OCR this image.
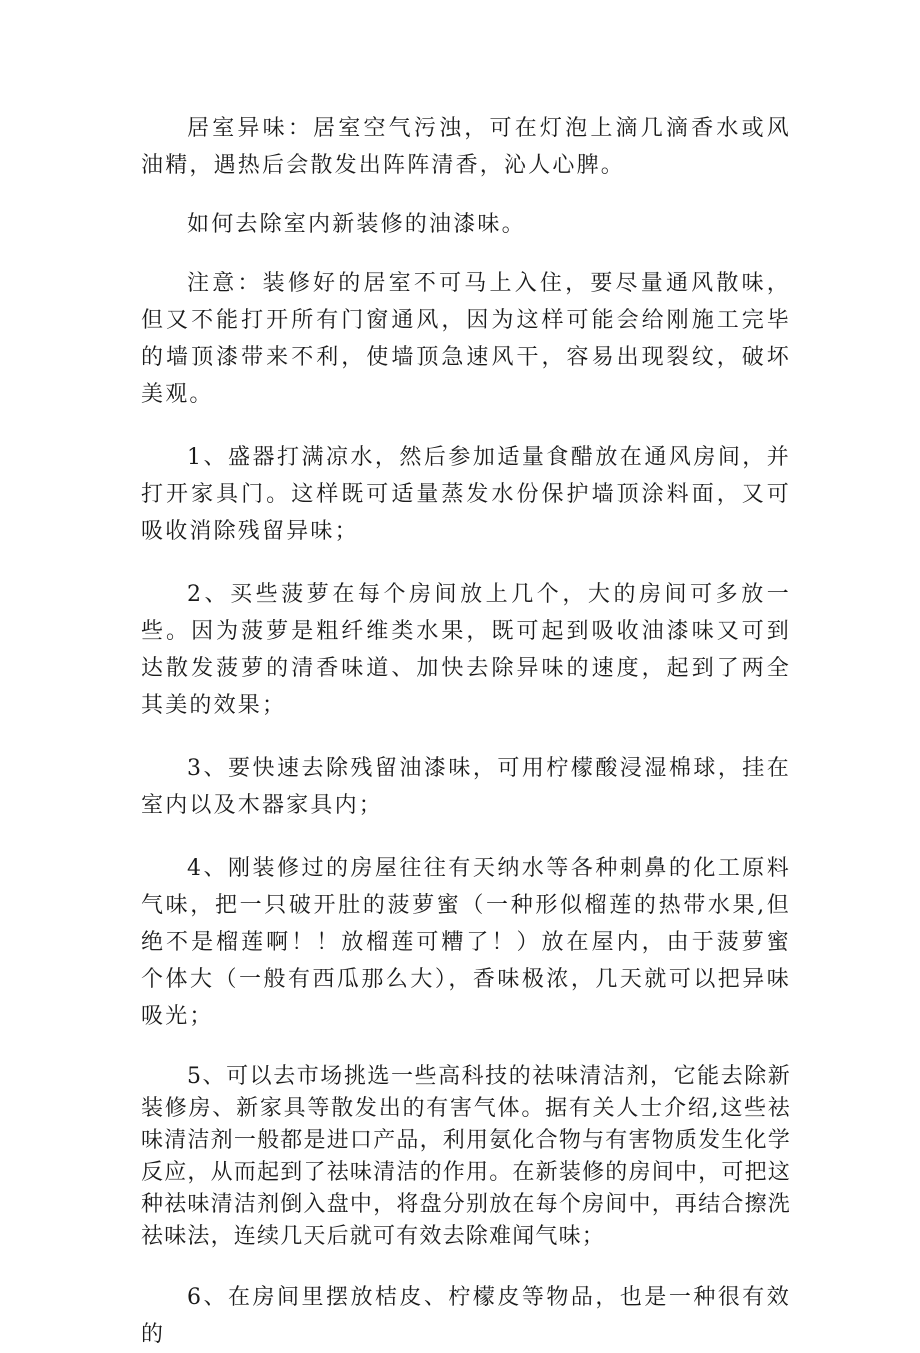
居室异味：居室空气污浊，可在灯泡上滴几滴香水或风油精，遇热后会散发出阵阵清香，沁人心脾。

如何去除室内新装修的油漆味。

注意：装修好的居室不可马上入住，要尽量通风散味，但又不能打开所有门窗通风，因为这样可能会给刚施工完毕的墙顶漆带来不利，使墙顶急速风干，容易出现裂纹，破坏美观。

1、盛器打满凉水，然后参加适量食醋放在通风房间，并打开家具门。这样既可适量蒸发水份保护墙顶涂料面，又可吸收消除残留异味；

2、买些菠萝在每个房间放上几个，大的房间可多放一些。因为菠萝是粗纤维类水果，既可起到吸收油漆味又可到达散发菠萝的清香味道、加快去除异味的速度，起到了两全其美的效果；

3、要快速去除残留油漆味，可用柠檬酸浸湿棉球，挂在室内以及木器家具内；

4、刚装修过的房屋往往有天纳水等各种刺鼻的化工原料气味，把一只破开肚的菠萝蜜（一种形似榴莲的热带水果,但绝不是榴莲啊！！放榴莲可糟了！）放在屋内，由于菠萝蜜个体大（一般有西瓜那么大），香味极浓，几天就可以把异味吸光；

5、可以去市场挑选一些高科技的祛味清洁剂，它能去除新装修房、新家具等散发出的有害气体。据有关人士介绍,这些祛味清洁剂一般都是进口产品，利用氨化合物与有害物质发生化学反应，从而起到了祛味清洁的作用。在新装修的房间中，可把这种祛味清洁剂倒入盘中，将盘分别放在每个房间中，再结合擦洗祛味法，连续几天后就可有效去除难闻气味；

6、在房间里摆放桔皮、柠檬皮等物品，也是一种很有效的
